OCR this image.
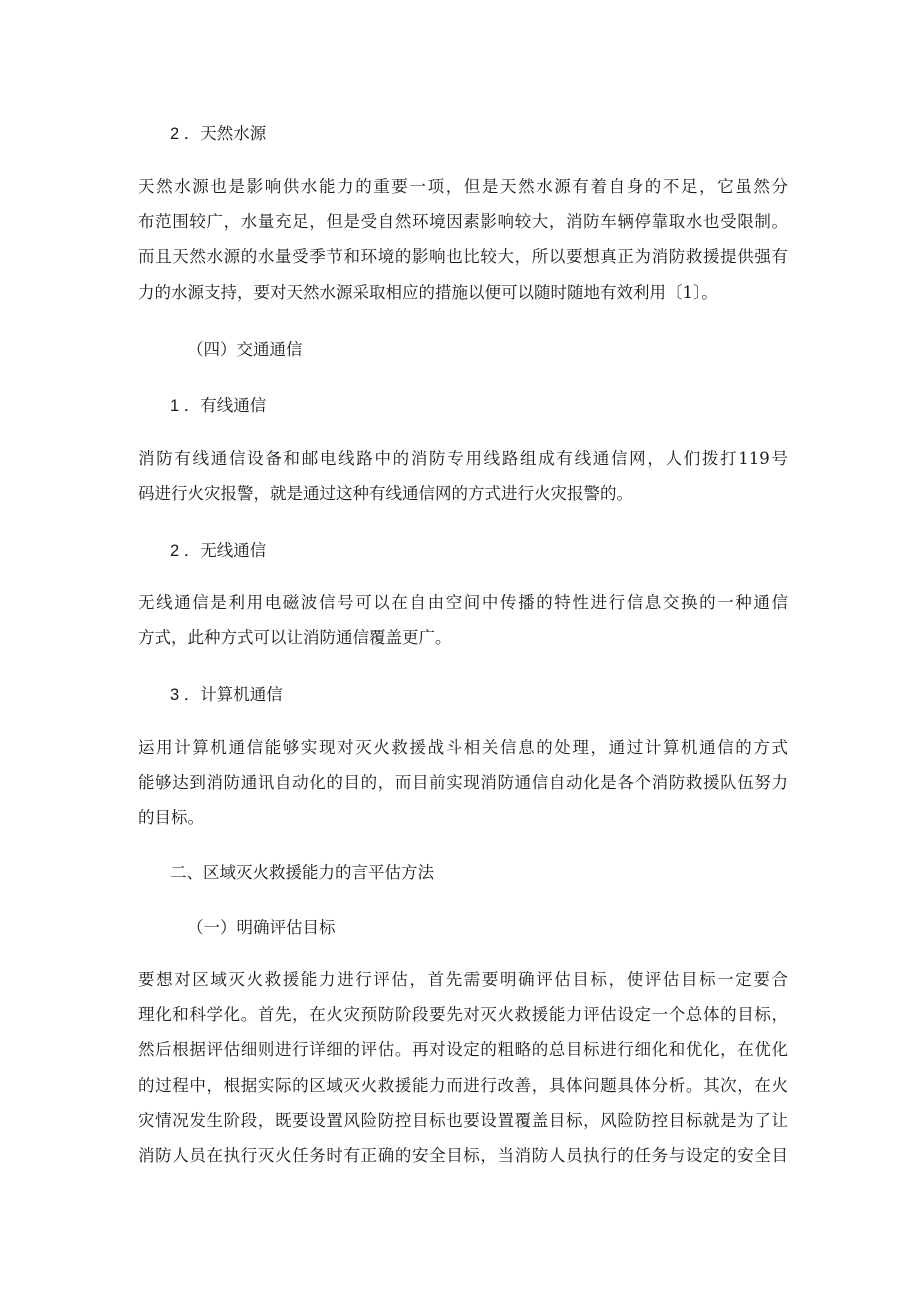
2 ．天然水源
天然水源也是影响供水能力的重要一项，但是天然水源有着自身的不足，它虽然分
布范围较广，水量充足，但是受自然环境因素影响较大，消防车辆停靠取水也受限制。
而且天然水源的水量受季节和环境的影响也比较大，所以要想真正为消防救援提供强有
力的水源支持，要对天然水源采取相应的措施以便可以随时随地有效利用〔1〕。
（四）交通通信
1 ．有线通信
消防有线通信设备和邮电线路中的消防专用线路组成有线通信网，人们拨打119号
码进行火灾报警，就是通过这种有线通信网的方式进行火灾报警的。
2 ．无线通信
无线通信是利用电磁波信号可以在自由空间中传播的特性进行信息交换的一种通信
方式，此种方式可以让消防通信覆盖更广。
3 ．计算机通信
运用计算机通信能够实现对灭火救援战斗相关信息的处理，通过计算机通信的方式
能够达到消防通讯自动化的目的，而目前实现消防通信自动化是各个消防救援队伍努力
的目标。
二、区域灭火救援能力的言平估方法
（一）明确评估目标
要想对区域灭火救援能力进行评估，首先需要明确评估目标，使评估目标一定要合
理化和科学化。首先，在火灾预防阶段要先对灭火救援能力评估设定一个总体的目标，
然后根据评估细则进行详细的评估。再对设定的粗略的总目标进行细化和优化，在优化
的过程中，根据实际的区域灭火救援能力而进行改善，具体问题具体分析。其次，在火
灾情况发生阶段，既要设置风险防控目标也要设置覆盖目标，风险防控目标就是为了让
消防人员在执行灭火任务时有正确的安全目标，当消防人员执行的任务与设定的安全目
